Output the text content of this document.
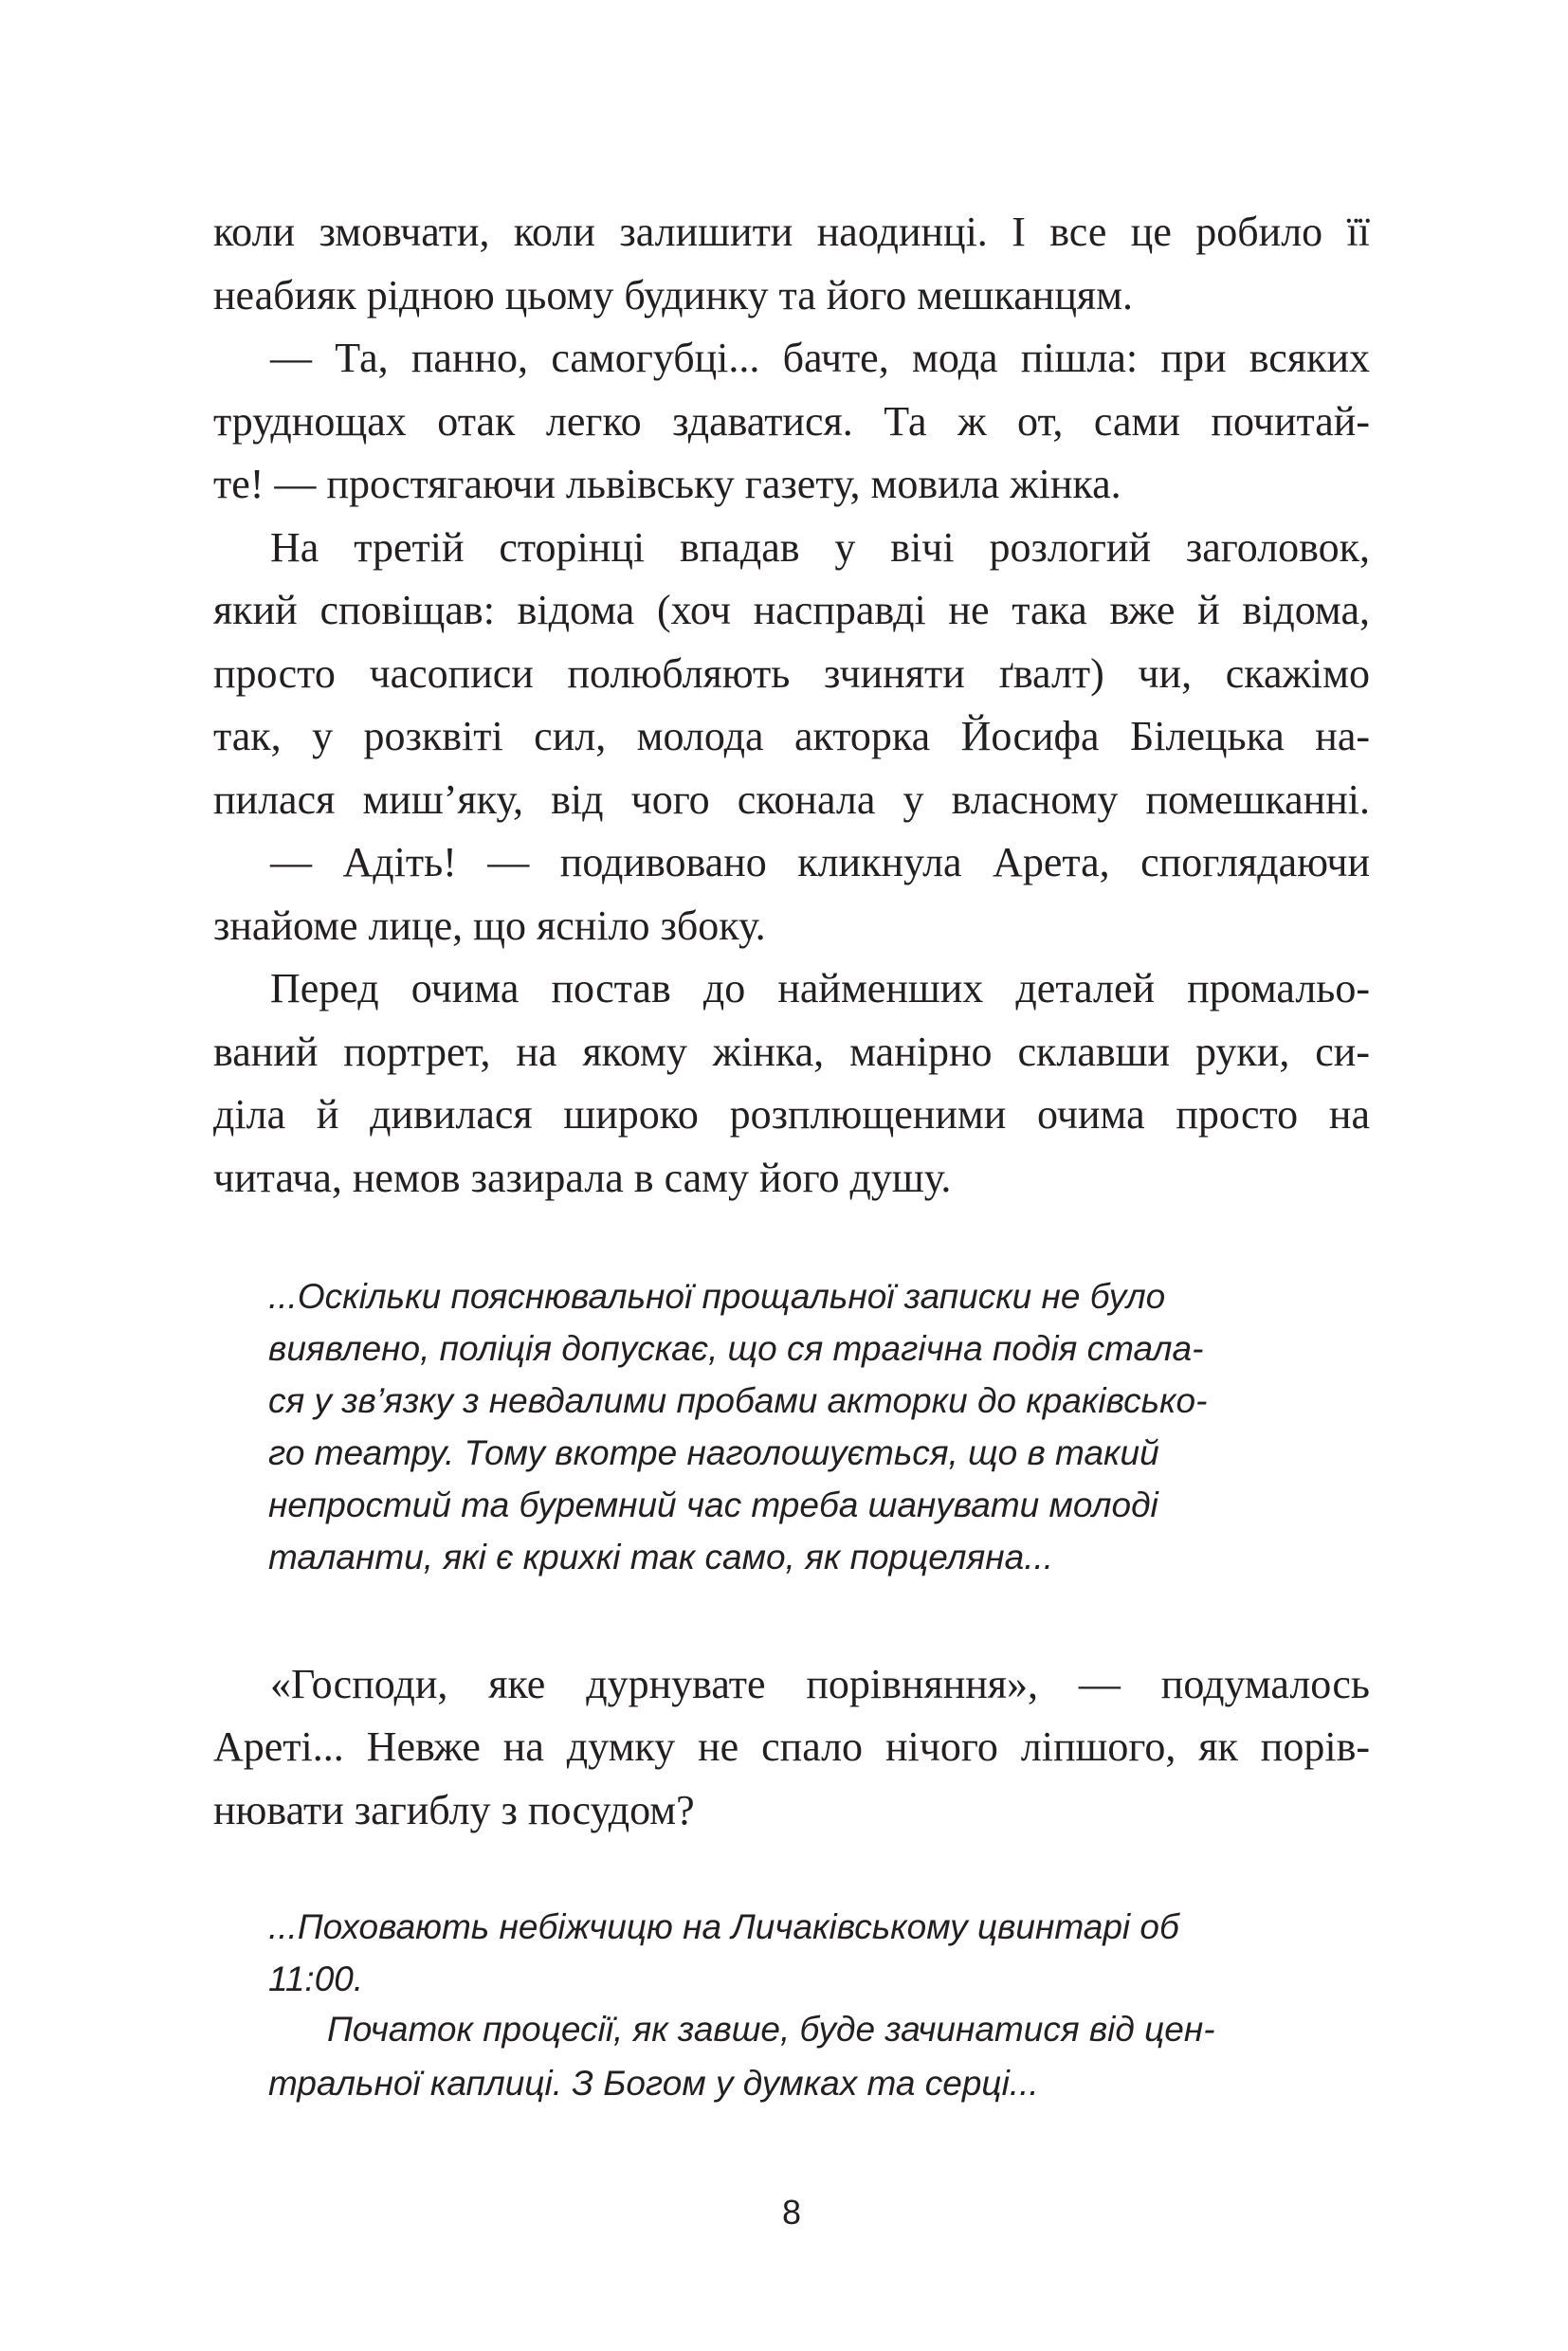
коли змовчати, коли залишити наодинці. І все це робило її
неабияк рідною цьому будинку та його мешканцям.
— Та, панно, самогубці... бачте, мода пішла: при всяких
труднощах отак легко здаватися. Та ж от, сами почитай-
те! — простягаючи львівську газету, мовила жінка.
На третій сторінці впадав у вічі розлогий заголовок,
який сповіщав: відома (хоч насправді не така вже й відома,
просто часописи полюбляють зчиняти ґвалт) чи, скажімо
так, у розквіті сил, молода акторка Йосифа Білецька на-
пилася миш’яку, від чого сконала у власному помешканні.
— Адіть! — подивовано кликнула Арета, споглядаючи
знайоме лице, що ясніло збоку.
Перед очима постав до найменших деталей промальо-
ваний портрет, на якому жінка, манірно склавши руки, си-
діла й дивилася широко розплющеними очима просто на
читача, немов зазирала в саму його душу.
...Оскільки пояснювальної прощальної записки не було
виявлено, поліція допускає, що ся трагічна подія стала-
ся у зв’язку з невдалими пробами акторки до краківсько-
го театру. Тому вкотре наголошується, що в такий
непростий та буремний час треба шанувати молоді
таланти, які є крихкі так само, як порцеляна...
«Господи, яке дурнувате порівняння», — подумалось
Ареті... Невже на думку не спало нічого ліпшого, як порів-
нювати загиблу з посудом?
...Поховають небіжчицю на Личаківському цвинтарі об
11:00.
Початок процесії, як завше, буде зачинатися від цен-
тральної каплиці. З Богом у думках та серці...
8
